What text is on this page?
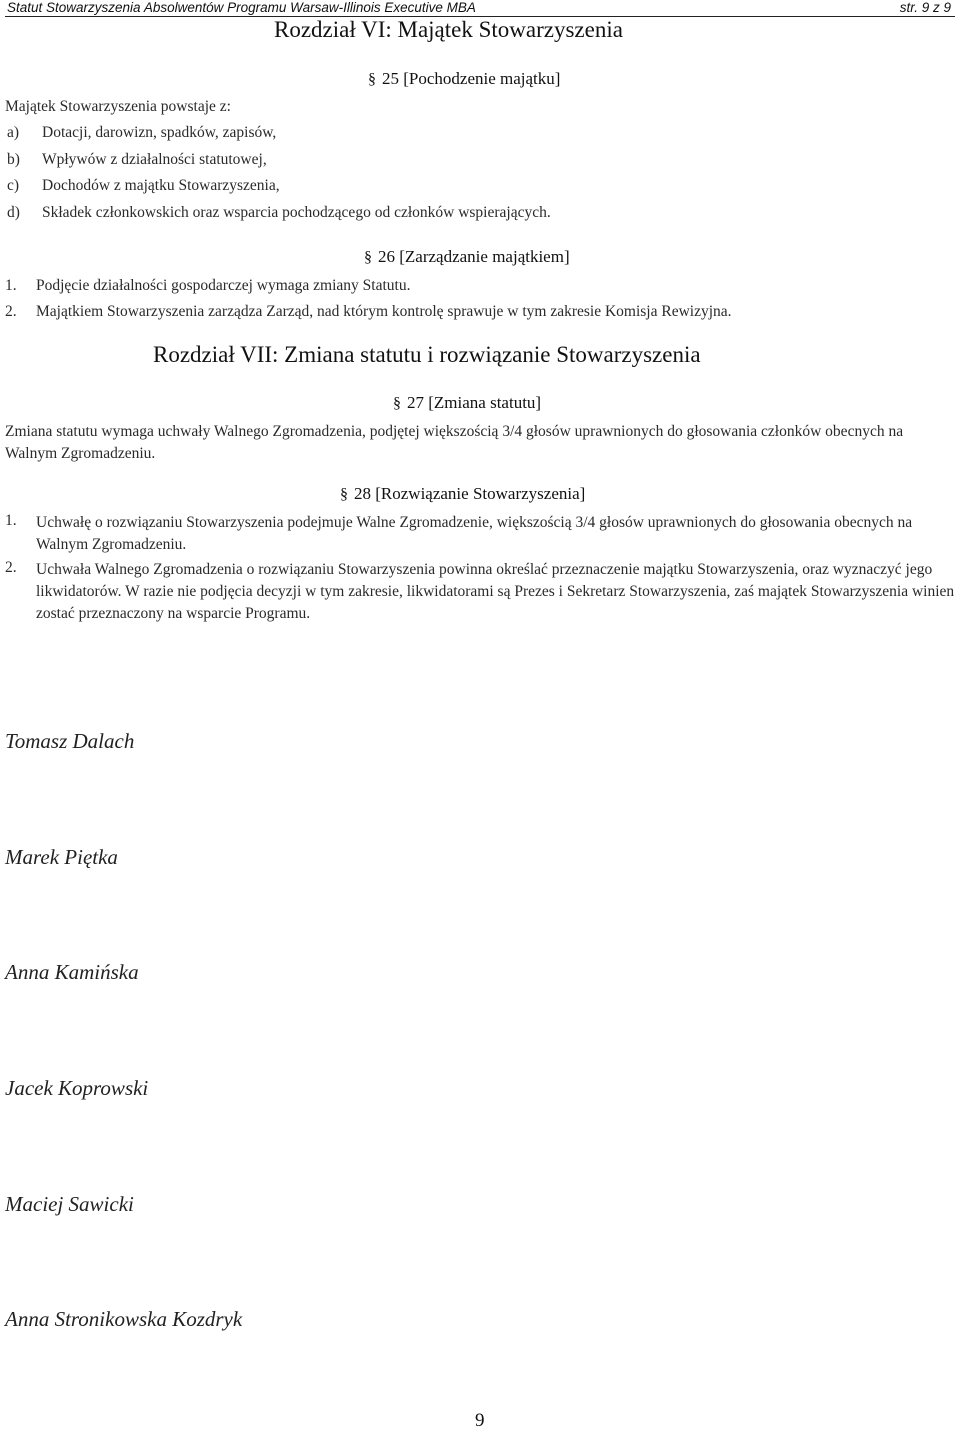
Statut Stowarzyszenia Absolwentów Programu Warsaw-Illinois Executive MBA	str. 9 z 9
Rozdział VI: Majątek Stowarzyszenia
§ 25 [Pochodzenie majątku]
Majątek Stowarzyszenia powstaje z:
a) Dotacji, darowizn, spadków, zapisów,
b) Wpływów z działalności statutowej,
c) Dochodów z majątku Stowarzyszenia,
d) Składek członkowskich oraz wsparcia pochodzącego od członków wspierających.
§ 26 [Zarządzanie majątkiem]
1. Podjęcie działalności gospodarczej wymaga zmiany Statutu.
2. Majątkiem Stowarzyszenia zarządza Zarząd, nad którym kontrolę sprawuje w tym zakresie Komisja Rewizyjna.
Rozdział VII: Zmiana statutu i rozwiązanie Stowarzyszenia
§ 27 [Zmiana statutu]
Zmiana statutu wymaga uchwały Walnego Zgromadzenia, podjętej większością 3/4 głosów uprawnionych do głosowania członków obecnych na Walnym Zgromadzeniu.
§ 28 [Rozwiązanie Stowarzyszenia]
1. Uchwałę o rozwiązaniu Stowarzyszenia podejmuje Walne Zgromadzenie, większością 3/4 głosów uprawnionych do głosowania obecnych na Walnym Zgromadzeniu.
2. Uchwała Walnego Zgromadzenia o rozwiązaniu Stowarzyszenia powinna określać przeznaczenie majątku Stowarzyszenia, oraz wyznaczyć jego likwidatorów. W razie nie podjęcia decyzji w tym zakresie, likwidatorami są Prezes i Sekretarz Stowarzyszenia, zaś majątek Stowarzyszenia winien zostać przeznaczony na wsparcie Programu.
Tomasz Dalach
Marek Piętka
Anna Kamińska
Jacek Koprowski
Maciej Sawicki
Anna Stronikowska Kozdryk
9
